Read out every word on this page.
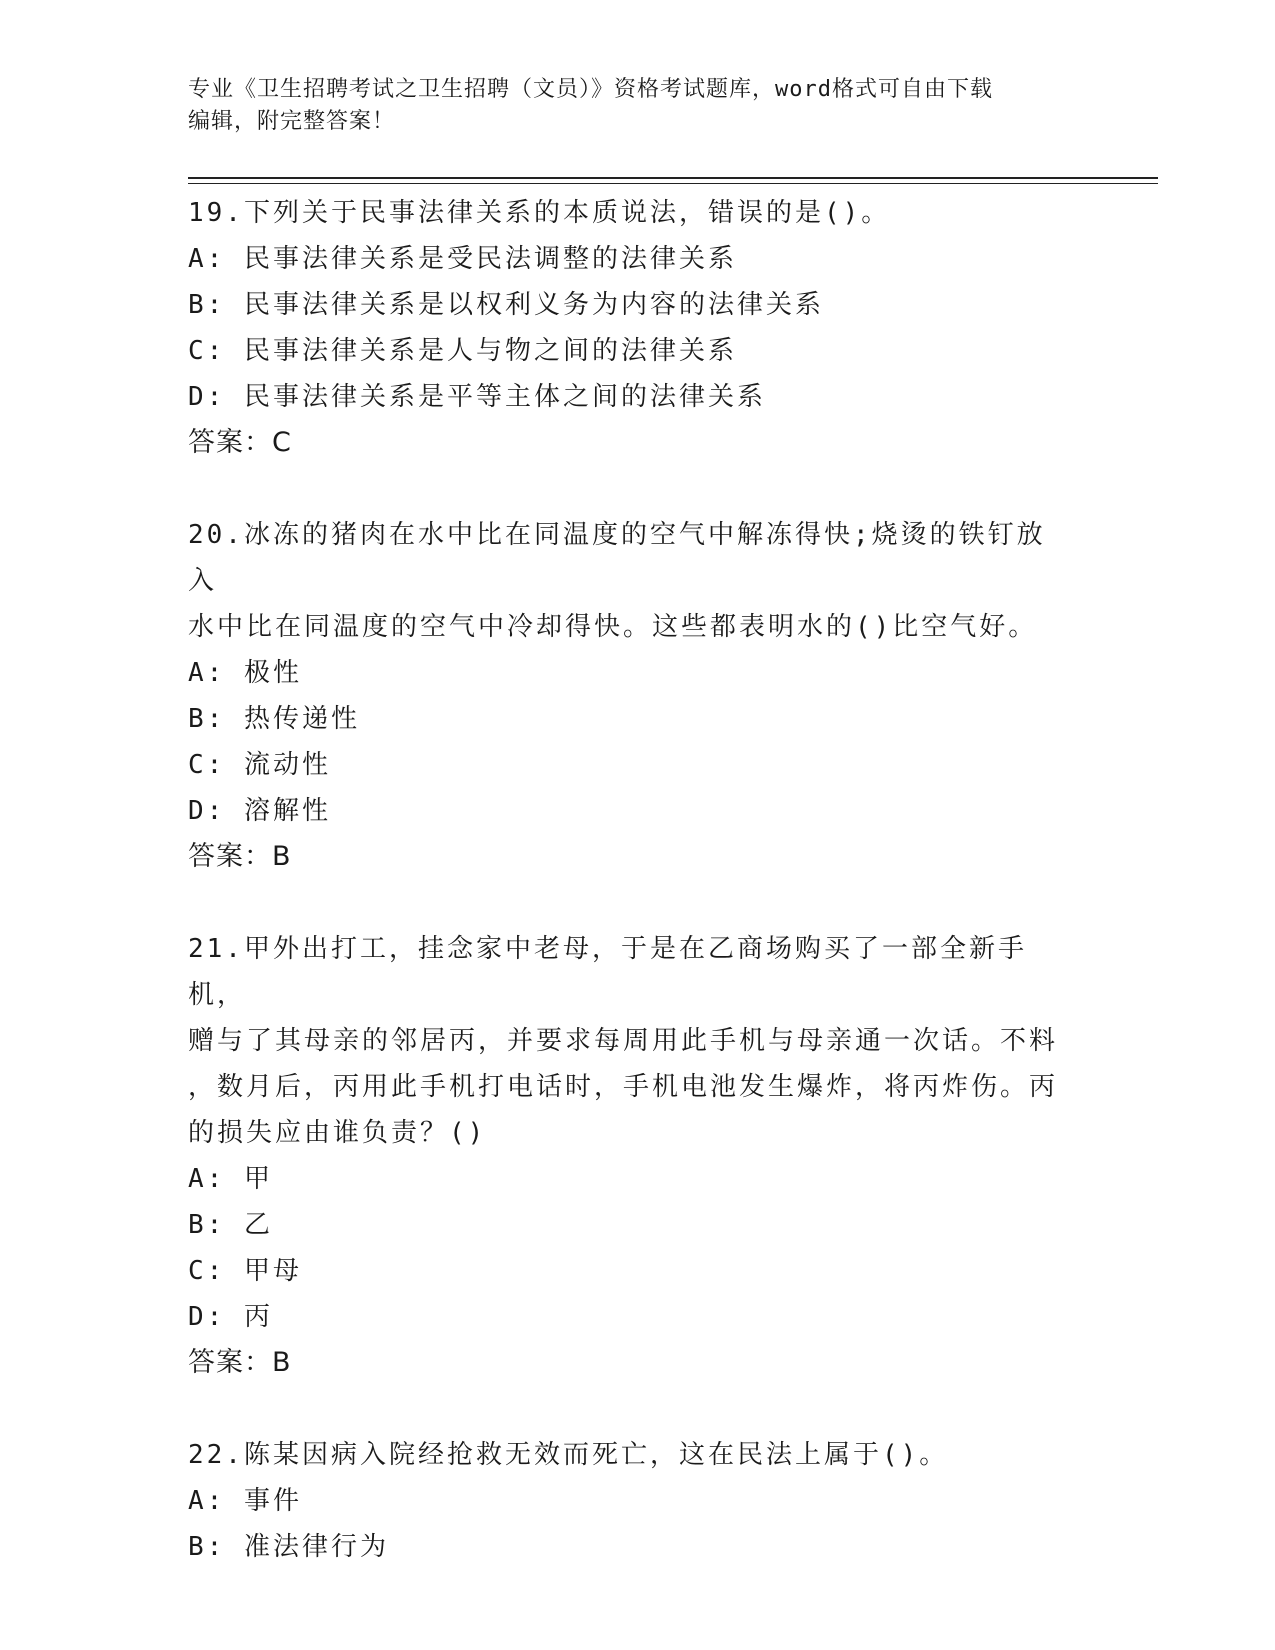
专业《卫生招聘考试之卫生招聘（文员）》资格考试题库，word格式可自由下载
编辑，附完整答案！
19.下列关于民事法律关系的本质说法，错误的是()。
A: 民事法律关系是受民法调整的法律关系
B: 民事法律关系是以权利义务为内容的法律关系
C: 民事法律关系是人与物之间的法律关系
D: 民事法律关系是平等主体之间的法律关系
答案：C
20.冰冻的猪肉在水中比在同温度的空气中解冻得快;烧烫的铁钉放入
水中比在同温度的空气中冷却得快。这些都表明水的()比空气好。
A: 极性
B: 热传递性
C: 流动性
D: 溶解性
答案：B
21.甲外出打工，挂念家中老母，于是在乙商场购买了一部全新手机，
赠与了其母亲的邻居丙，并要求每周用此手机与母亲通一次话。不料
，数月后，丙用此手机打电话时，手机电池发生爆炸，将丙炸伤。丙
的损失应由谁负责？()
A: 甲
B: 乙
C: 甲母
D: 丙
答案：B
22.陈某因病入院经抢救无效而死亡，这在民法上属于()。
A: 事件
B: 准法律行为
